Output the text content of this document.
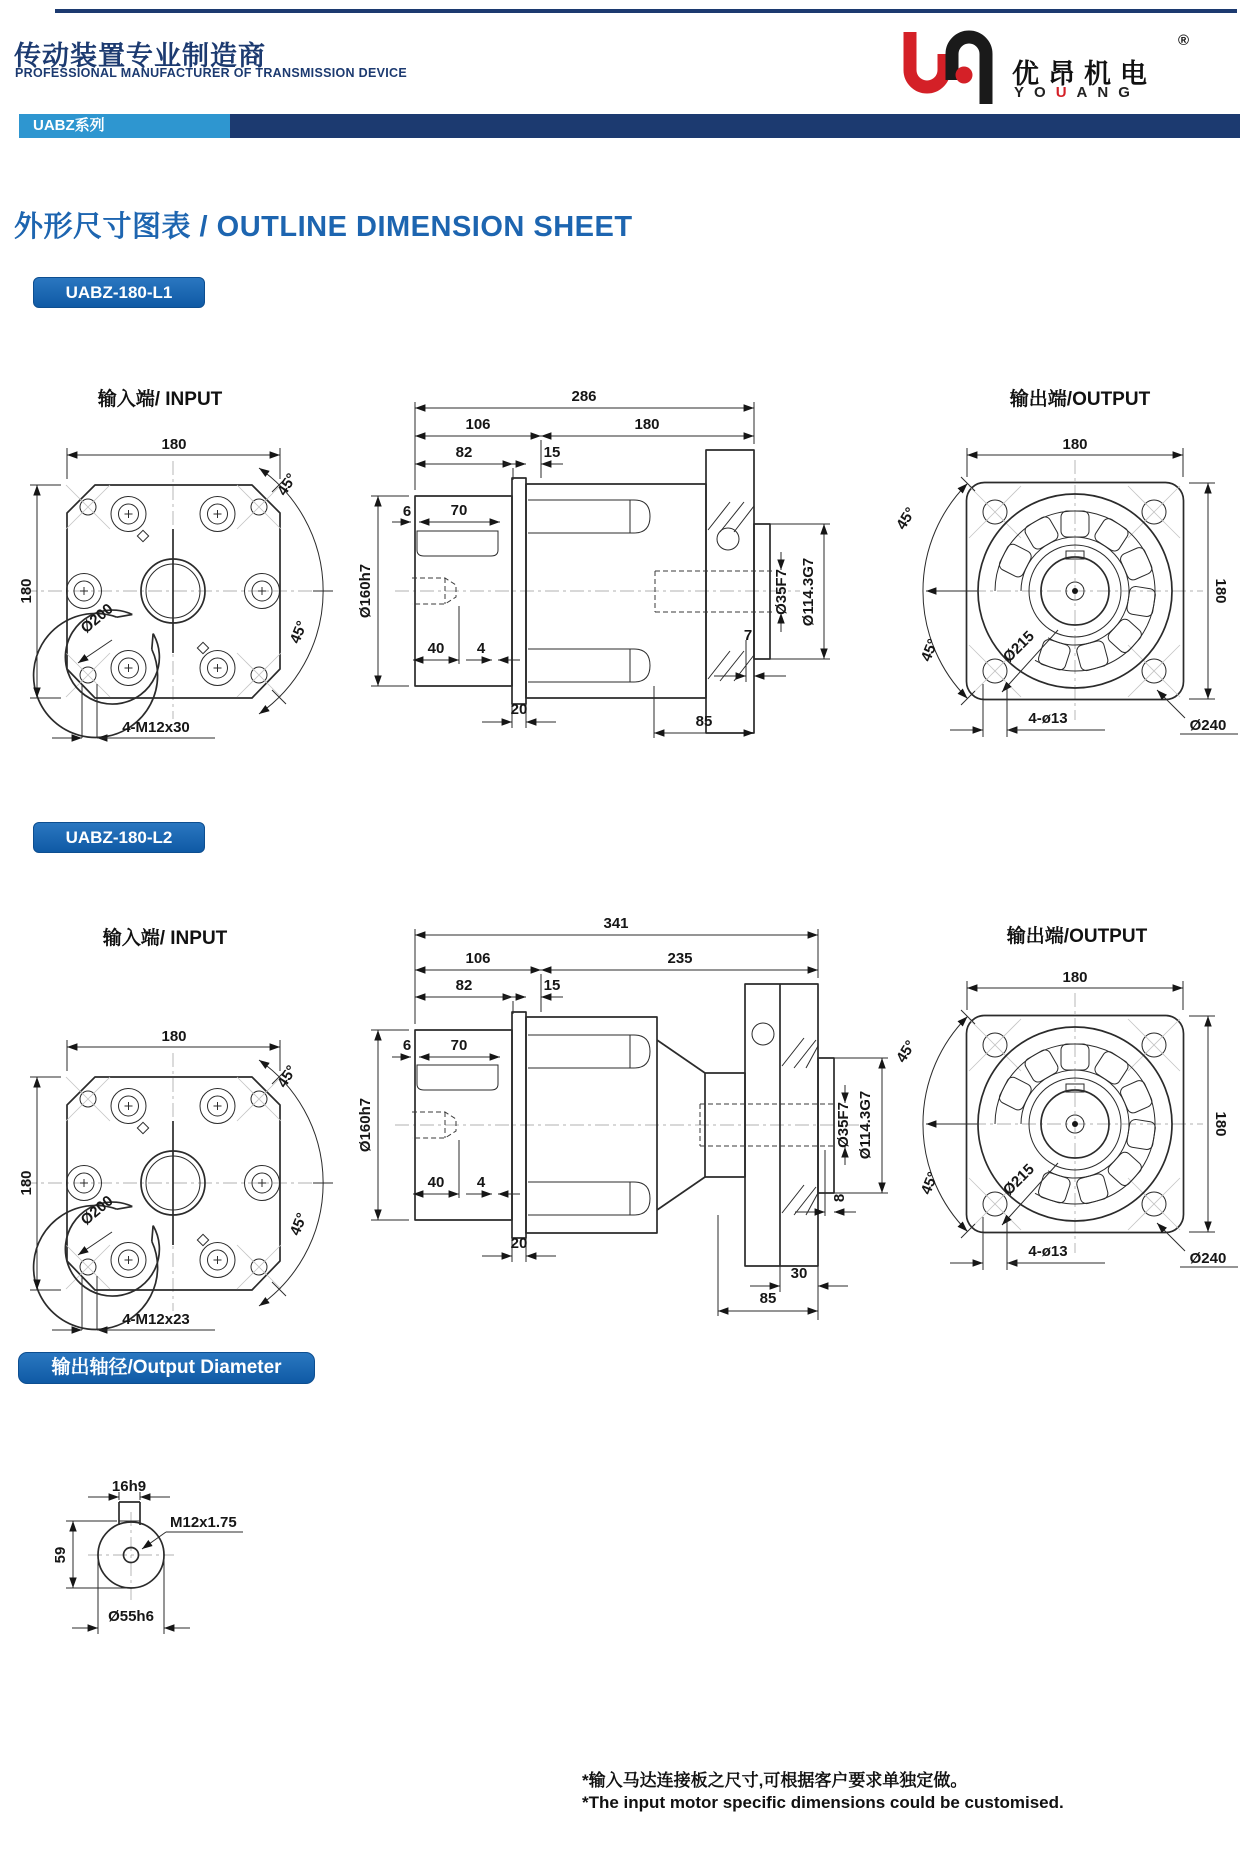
输入端/ INPUT	输出端/OUTPUT
180
180
45°
45°
Ø200
4-M12x30
286
106	180
82	15
6	70
Ø160h7
40 4
20
85
7
Ø35F7 Ø114.3G7
180
180
45°
45°	Ø215
4-ø13	Ø240
输入端/ INPUT	输出端/OUTPUT
180
180
45°
45°
Ø200
4-M12x23
341
106	235
82	15
6	70
Ø160h7
40 4
20
30
85
8
Ø35F7 Ø114.3G7
180
180
45°
45°	Ø215
4-ø13	Ø240
16h9
M12x1.75
59
Ø55h6
传动装置专业制造商
PROFESSIONAL MANUFACTURER OF TRANSMISSION DEVICE
UABZ系列
优昂机电
®
YOUANG
外形尺寸图表 / OUTLINE DIMENSION SHEET
UABZ-180-L1
UABZ-180-L2
输出轴径/Output Diameter
*输入马达连接板之尺寸,可根据客户要求单独定做。
*The input motor specific dimensions could be customised.
